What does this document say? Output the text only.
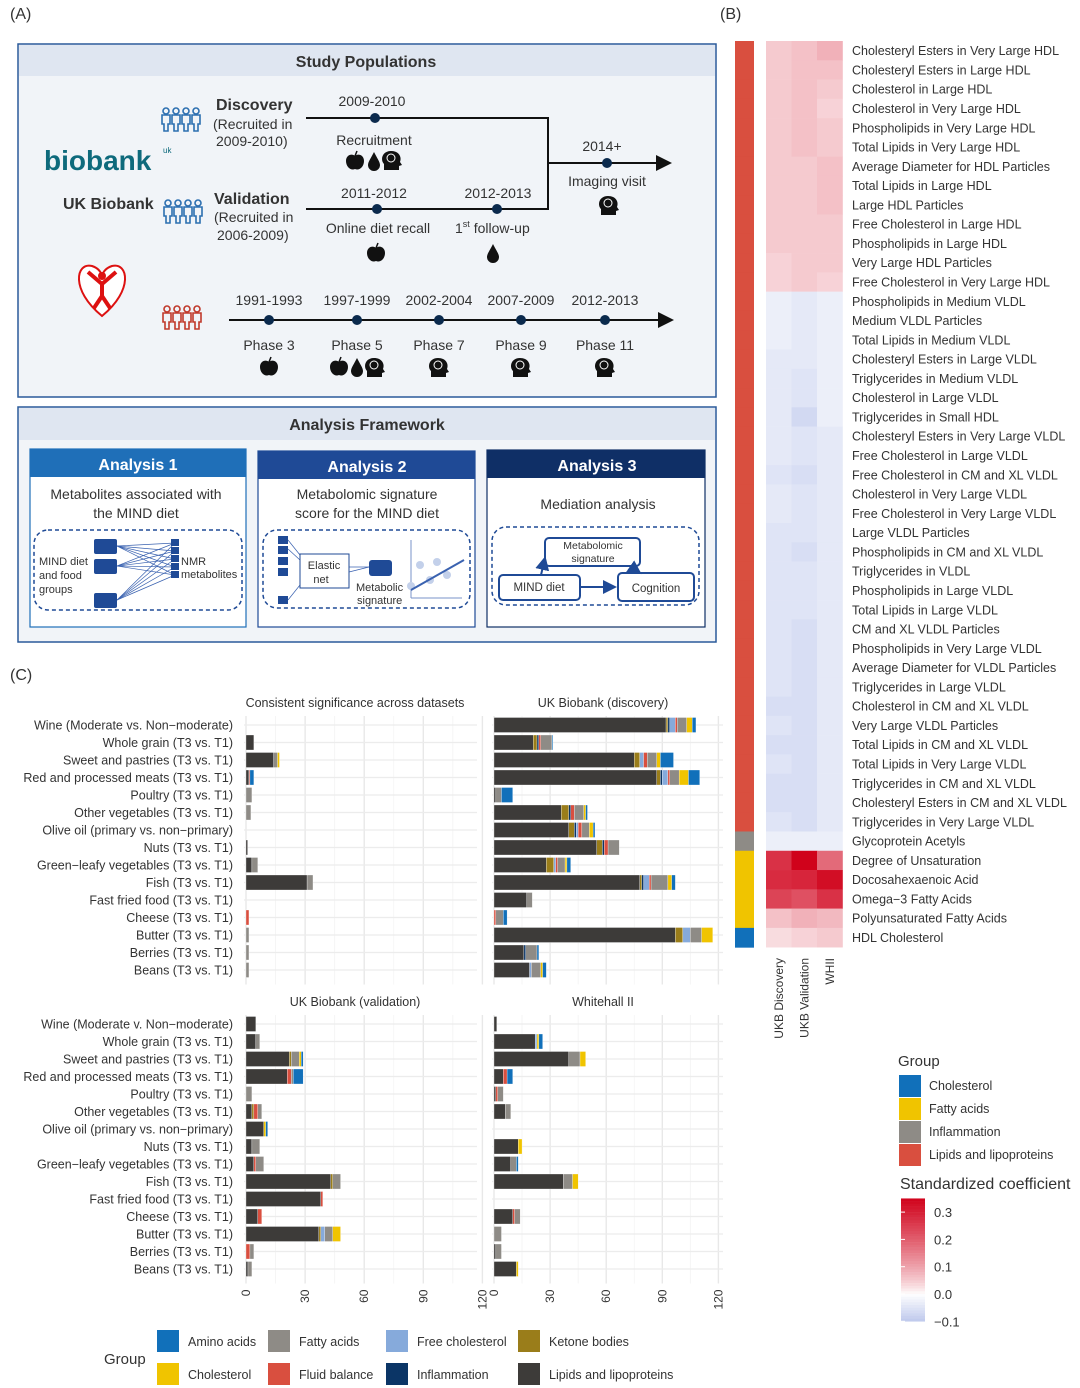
(A)	(B)
(C)
Study Populations
biobank uk
UK Biobank
Discovery
(Recruited in
2009-2010)
Validation
(Recruited in
2006-2009)
2009-2010
Recruitment
2011-2012
Online diet recall
2012-2013
1st follow-up
2014+
Imaging visit
1991-1993
Phase 3
1997-1999
Phase 5
2002-2004
Phase 7
2007-2009
Phase 9
2012-2013
Phase 11
Analysis Framework
Analysis 1
Metabolites associated with
the MIND diet
MIND diet
and food
groups
NMR
metabolites
Analysis 2
Metabolomic signature
score for the MIND diet
Elastic
net
Metabolic
signature
Analysis 3
Mediation analysis
Metabolomic
signature
MIND diet	Cognition
Cholesteryl Esters in Very Large HDL
Cholesteryl Esters in Large HDL
Cholesterol in Large HDL
Cholesterol in Very Large HDL
Phospholipids in Very Large HDL
Total Lipids in Very Large HDL
Average Diameter for HDL Particles
Total Lipids in Large HDL
Large HDL Particles
Free Cholesterol in Large HDL
Phospholipids in Large HDL
Very Large HDL Particles
Free Cholesterol in Very Large HDL
Phospholipids in Medium VLDL
Medium VLDL Particles
Total Lipids in Medium VLDL
Cholesteryl Esters in Large VLDL
Triglycerides in Medium VLDL
Cholesterol in Large VLDL
Triglycerides in Small HDL
Cholesteryl Esters in Very Large VLDL
Free Cholesterol in Large VLDL
Free Cholesterol in CM and XL VLDL
Cholesterol in Very Large VLDL
Free Cholesterol in Very Large VLDL
Large VLDL Particles
Phospholipids in CM and XL VLDL
Triglycerides in VLDL
Phospholipids in Large VLDL
Total Lipids in Large VLDL
CM and XL VLDL Particles
Phospholipids in Very Large VLDL
Average Diameter for VLDL Particles
Triglycerides in Large VLDL
Cholesterol in CM and XL VLDL
Very Large VLDL Particles
Total Lipids in CM and XL VLDL
Total Lipids in Very Large VLDL
Triglycerides in CM and XL VLDL
Cholesteryl Esters in CM and XL VLDL
Triglycerides in Very Large VLDL
Glycoprotein Acetyls
Degree of Unsaturation
Docosahexaenoic Acid
Omega−3 Fatty Acids
Polyunsaturated Fatty Acids
HDL Cholesterol
UKB Discovery UKB Validation WHII
Group
Cholesterol
Fatty acids
Inflammation
Lipids and lipoproteins
Standardized coefficient
0.3
0.2
0.1
0.0
−0.1
Consistent significance across datasets
Wine (Moderate vs. Non−moderate)
Whole grain (T3 vs. T1)
Sweet and pastries (T3 vs. T1)
Red and processed meats (T3 vs. T1)
Poultry (T3 vs. T1)
Other vegetables (T3 vs. T1)
Olive oil (primary vs. non−primary)
Nuts (T3 vs. T1)
Green−leafy vegetables (T3 vs. T1)
Fish (T3 vs. T1)
Fast fried food (T3 vs. T1)
Cheese (T3 vs. T1)
Butter (T3 vs. T1)
Berries (T3 vs. T1)
Beans (T3 vs. T1)
UK Biobank (discovery)
UK Biobank (validation)
Wine (Moderate v. Non−moderate)
Whole grain (T3 vs. T1)
Sweet and pastries (T3 vs. T1)
Red and processed meats (T3 vs. T1)
Poultry (T3 vs. T1)
Other vegetables (T3 vs. T1)
Olive oil (primary vs. non−primary)
Nuts (T3 vs. T1)
Green−leafy vegetables (T3 vs. T1)
Fish (T3 vs. T1)
Fast fried food (T3 vs. T1)
Cheese (T3 vs. T1)
Butter (T3 vs. T1)
Berries (T3 vs. T1)
Beans (T3 vs. T1)
0	30	60	90	120
Whitehall II
0	30	60	90	120
Group
Amino acids	Fatty acids	Free cholesterol	Ketone bodies
Cholesterol	Fluid balance	Inflammation	Lipids and lipoproteins
